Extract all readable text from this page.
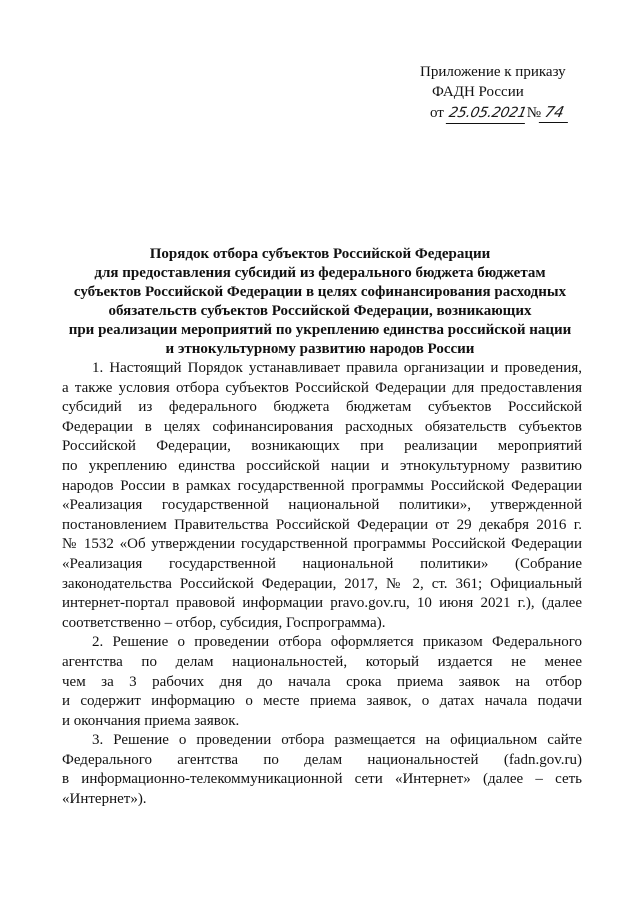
Приложение к приказу
ФАДН России
от 25.05.2021№ 74
Порядок отбора субъектов Российской Федерации
для предоставления субсидий из федерального бюджета бюджетам
субъектов Российской Федерации в целях софинансирования расходных
обязательств субъектов Российской Федерации, возникающих
при реализации мероприятий по укреплению единства российской нации
и этнокультурному развитию народов России
1. Настоящий Порядок устанавливает правила организации и проведения,
а также условия отбора субъектов Российской Федерации для предоставления
субсидий из федерального бюджета бюджетам субъектов Российской
Федерации в целях софинансирования расходных обязательств субъектов
Российской Федерации, возникающих при реализации мероприятий
по укреплению единства российской нации и этнокультурному развитию
народов России в рамках государственной программы Российской Федерации
«Реализация государственной национальной политики», утвержденной
постановлением Правительства Российской Федерации от 29 декабря 2016 г.
№ 1532 «Об утверждении государственной программы Российской Федерации
«Реализация государственной национальной политики» (Собрание
законодательства Российской Федерации, 2017, № 2, ст. 361; Официальный
интернет-портал правовой информации pravo.gov.ru, 10 июня 2021 г.), (далее
соответственно – отбор, субсидия, Госпрограмма).
2. Решение о проведении отбора оформляется приказом Федерального
агентства по делам национальностей, который издается не менее
чем за 3 рабочих дня до начала срока приема заявок на отбор
и содержит информацию о месте приема заявок, о датах начала подачи
и окончания приема заявок.
3. Решение о проведении отбора размещается на официальном сайте
Федерального агентства по делам национальностей (fadn.gov.ru)
в информационно-телекоммуникационной сети «Интернет» (далее – сеть
«Интернет»).
